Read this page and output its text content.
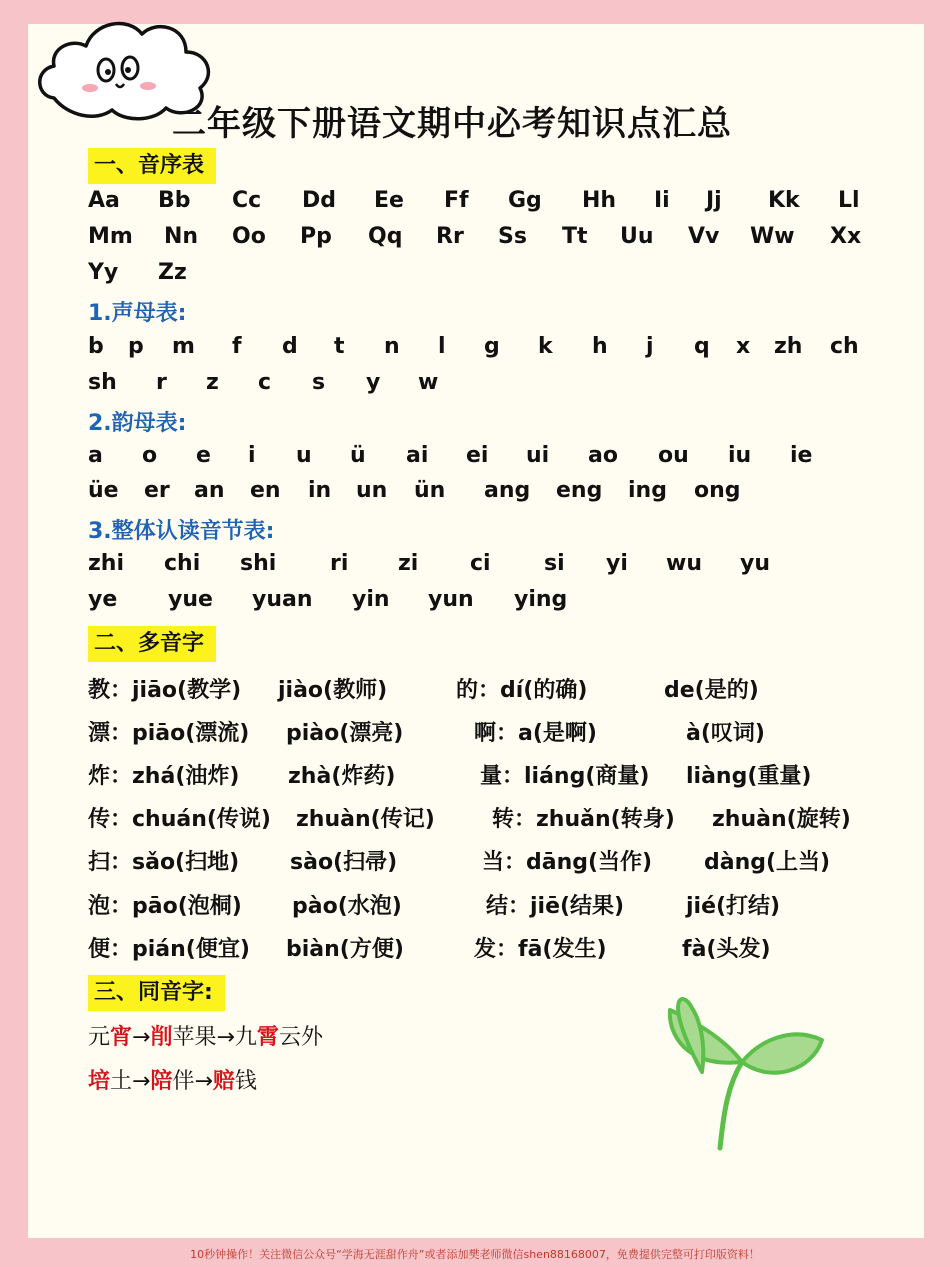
二年级下册语文期中必考知识点汇总
一、音序表
Aa Bb Cc Dd Ee Ff Gg Hh Ii Jj Kk Ll
Mm Nn Oo Pp Qq Rr Ss Tt Uu Vv Ww Xx
Yy Zz
1.声母表:
b p m f d t n l g k h j q x zh ch
sh r z c s y w
2.韵母表:
a o e i u ü ai ei ui ao ou iu ie
üe er an en in un ün ang eng ing ong
3.整体认读音节表:
zhi chi shi ri zi ci si yi wu yu
ye yue yuan yin yun ying
二、多音字
教：jiāo(教学) jiào(教师)	的：dí(的确)	de(是的)
漂：piāo(漂流) piào(漂亮)	啊：a(是啊)	à(叹词)
炸：zhá(油炸) zhà(炸药)	量：liáng(商量) liàng(重量)
传：chuán(传说) zhuàn(传记)	转：zhuǎn(转身) zhuàn(旋转)
扫：sǎo(扫地) sào(扫帚)	当：dāng(当作) dàng(上当)
泡：pāo(泡桐) pào(水泡)	结：jiē(结果)	jié(打结)
便：pián(便宜) biàn(方便)	发：fā(发生)	fà(头发)
三、同音字:
元宵→削苹果→九霄云外
培土→陪伴→赔钱
10秒钟操作！关注微信公众号“学海无涯甜作舟”或者添加樊老师微信shen88168007，免费提供完整可打印版资料！
